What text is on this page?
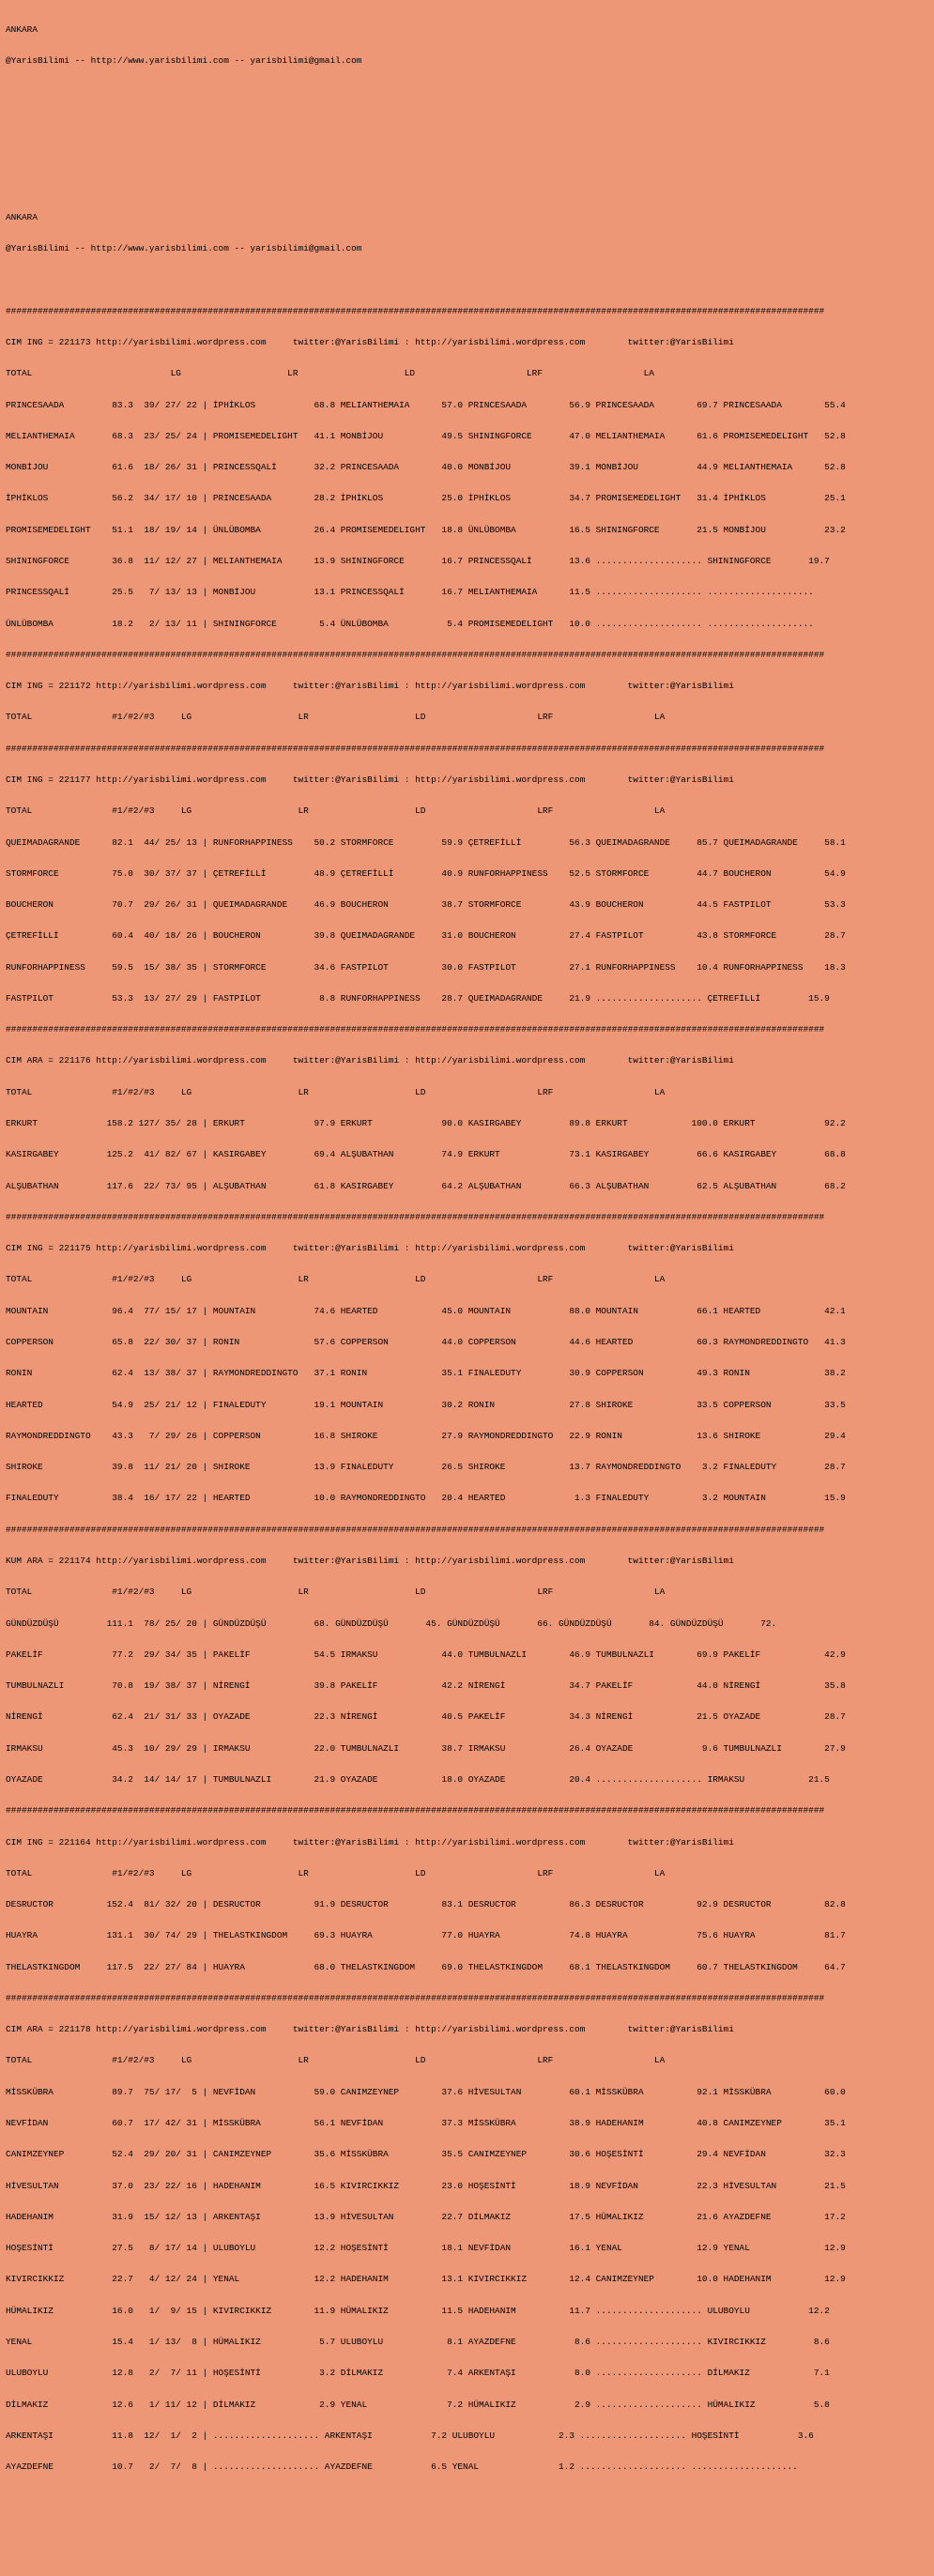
ANKARA

@YarisBilimi -- http://www.yarisbilimi.com -- yarisbilimi@gmail.com

ANKARA

@YarisBilimi -- http://www.yarisbilimi.com -- yarisbilimi@gmail.com

##########################################################################################################################################################

CIM ING = 221173 http://yarisbilimi.wordpress.com     twitter:@YarisBilimi : http://yarisbilimi.wordpress.com        twitter:@YarisBilimi

TOTAL                          LG                    LR                    LD                     LRF                   LA

PRINCESAADA         83.3  39/ 27/ 22 | İPHİKLOS           68.8 MELIANTHEMAIA      57.0 PRINCESAADA        56.9 PRINCESAADA        69.7 PRINCESAADA        55.4

MELIANTHEMAIA       68.3  23/ 25/ 24 | PROMISEMEDELIGHT   41.1 MONBİJOU           49.5 SHININGFORCE       47.0 MELIANTHEMAIA      61.6 PROMISEMEDELIGHT   52.8

MONBİJOU            61.6  18/ 26/ 31 | PRINCESSQALİ       32.2 PRINCESAADA        40.0 MONBİJOU           39.1 MONBİJOU           44.9 MELIANTHEMAIA      52.8

İPHİKLOS            56.2  34/ 17/ 10 | PRINCESAADA        28.2 İPHİKLOS           25.0 İPHİKLOS           34.7 PROMISEMEDELIGHT   31.4 İPHİKLOS           25.1

PROMISEMEDELIGHT    51.1  18/ 19/ 14 | ÜNLÜBOMBA          26.4 PROMISEMEDELIGHT   18.8 ÜNLÜBOMBA          16.5 SHININGFORCE       21.5 MONBİJOU           23.2

SHININGFORCE        36.8  11/ 12/ 27 | MELIANTHEMAIA      13.9 SHININGFORCE       16.7 PRINCESSQALİ       13.6 .................... SHININGFORCE       19.7

PRINCESSQALİ        25.5   7/ 13/ 13 | MONBİJOU           13.1 PRINCESSQALİ       16.7 MELIANTHEMAIA      11.5 .................... ....................

ÜNLÜBOMBA           18.2   2/ 13/ 11 | SHININGFORCE        5.4 ÜNLÜBOMBA           5.4 PROMISEMEDELIGHT   10.0 .................... ....................

##########################################################################################################################################################

CIM ING = 221172 http://yarisbilimi.wordpress.com     twitter:@YarisBilimi : http://yarisbilimi.wordpress.com        twitter:@YarisBilimi

TOTAL               #1/#2/#3     LG                    LR                    LD                     LRF                   LA

##########################################################################################################################################################

CIM ING = 221177 http://yarisbilimi.wordpress.com     twitter:@YarisBilimi : http://yarisbilimi.wordpress.com        twitter:@YarisBilimi

TOTAL               #1/#2/#3     LG                    LR                    LD                     LRF                   LA

QUEIMADAGRANDE      82.1  44/ 25/ 13 | RUNFORHAPPINESS    50.2 STORMFORCE         59.9 ÇETREFİLLİ         56.3 QUEIMADAGRANDE     85.7 QUEIMADAGRANDE     58.1

STORMFORCE          75.0  30/ 37/ 37 | ÇETREFİLLİ         48.9 ÇETREFİLLİ         40.9 RUNFORHAPPINESS    52.5 STORMFORCE         44.7 BOUCHERON          54.9

BOUCHERON           70.7  29/ 26/ 31 | QUEIMADAGRANDE     46.9 BOUCHERON          38.7 STORMFORCE         43.9 BOUCHERON          44.5 FASTPILOT          53.3

ÇETREFİLLİ          60.4  40/ 18/ 26 | BOUCHERON          39.8 QUEIMADAGRANDE     31.0 BOUCHERON          27.4 FASTPILOT          43.8 STORMFORCE         28.7

RUNFORHAPPINESS     59.5  15/ 38/ 35 | STORMFORCE         34.6 FASTPILOT          30.0 FASTPILOT          27.1 RUNFORHAPPINESS    10.4 RUNFORHAPPINESS    18.3

FASTPILOT           53.3  13/ 27/ 29 | FASTPILOT           8.8 RUNFORHAPPINESS    28.7 QUEIMADAGRANDE     21.9 .................... ÇETREFİLLİ         15.9

##########################################################################################################################################################

CIM ARA = 221176 http://yarisbilimi.wordpress.com     twitter:@YarisBilimi : http://yarisbilimi.wordpress.com        twitter:@YarisBilimi

TOTAL               #1/#2/#3     LG                    LR                    LD                     LRF                   LA

ERKURT             158.2 127/ 35/ 28 | ERKURT             97.9 ERKURT             90.0 KASIRGABEY         89.8 ERKURT            100.0 ERKURT             92.2

KASIRGABEY         125.2  41/ 82/ 67 | KASIRGABEY         69.4 ALŞUBATHAN         74.9 ERKURT             73.1 KASIRGABEY         66.6 KASIRGABEY         68.8

ALŞUBATHAN         117.6  22/ 73/ 95 | ALŞUBATHAN         61.8 KASIRGABEY         64.2 ALŞUBATHAN         66.3 ALŞUBATHAN         62.5 ALŞUBATHAN         68.2

##########################################################################################################################################################

CIM ING = 221175 http://yarisbilimi.wordpress.com     twitter:@YarisBilimi : http://yarisbilimi.wordpress.com        twitter:@YarisBilimi

TOTAL               #1/#2/#3     LG                    LR                    LD                     LRF                   LA

MOUNTAIN            96.4  77/ 15/ 17 | MOUNTAIN           74.6 HEARTED            45.0 MOUNTAIN           88.0 MOUNTAIN           66.1 HEARTED            42.1

COPPERSON           65.8  22/ 30/ 37 | RONIN              57.6 COPPERSON          44.0 COPPERSON          44.6 HEARTED            60.3 RAYMONDREDDINGTO   41.3

RONIN               62.4  13/ 38/ 37 | RAYMONDREDDINGTO   37.1 RONIN              35.1 FINALEDUTY         30.9 COPPERSON          49.3 RONIN              38.2

HEARTED             54.9  25/ 21/ 12 | FINALEDUTY         19.1 MOUNTAIN           30.2 RONIN              27.8 SHIROKE            33.5 COPPERSON          33.5

RAYMONDREDDINGTO    43.3   7/ 29/ 26 | COPPERSON          16.8 SHIROKE            27.9 RAYMONDREDDINGTO   22.9 RONIN              13.6 SHIROKE            29.4

SHIROKE             39.8  11/ 21/ 20 | SHIROKE            13.9 FINALEDUTY         26.5 SHIROKE            13.7 RAYMONDREDDINGTO    3.2 FINALEDUTY         28.7

FINALEDUTY          38.4  16/ 17/ 22 | HEARTED            10.0 RAYMONDREDDINGTO   20.4 HEARTED             1.3 FINALEDUTY          3.2 MOUNTAIN           15.9

##########################################################################################################################################################

KUM ARA = 221174 http://yarisbilimi.wordpress.com     twitter:@YarisBilimi : http://yarisbilimi.wordpress.com        twitter:@YarisBilimi

TOTAL               #1/#2/#3     LG                    LR                    LD                     LRF                   LA

GÜNDÜZDÜŞÜ         111.1  78/ 25/ 20 | GÜNDÜZDÜŞÜ         68. GÜNDÜZDÜŞÜ       45. GÜNDÜZDÜŞÜ       66. GÜNDÜZDÜŞÜ       84. GÜNDÜZDÜŞÜ       72.

PAKELİF             77.2  29/ 34/ 35 | PAKELİF            54.5 IRMAKSU            44.0 TUMBULNAZLI        46.9 TUMBULNAZLI        69.9 PAKELİF            42.9

TUMBULNAZLI         70.8  19/ 38/ 37 | NİRENGİ            39.8 PAKELİF            42.2 NİRENGİ            34.7 PAKELİF            44.0 NİRENGİ            35.8

NİRENGİ             62.4  21/ 31/ 33 | OYAZADE            22.3 NİRENGİ            40.5 PAKELİF            34.3 NİRENGİ            21.5 OYAZADE            28.7

IRMAKSU             45.3  10/ 29/ 29 | IRMAKSU            22.0 TUMBULNAZLI        38.7 IRMAKSU            26.4 OYAZADE             9.6 TUMBULNAZLI        27.9

OYAZADE             34.2  14/ 14/ 17 | TUMBULNAZLI        21.9 OYAZADE            18.0 OYAZADE            20.4 .................... IRMAKSU            21.5

##########################################################################################################################################################

CIM ING = 221164 http://yarisbilimi.wordpress.com     twitter:@YarisBilimi : http://yarisbilimi.wordpress.com        twitter:@YarisBilimi

TOTAL               #1/#2/#3     LG                    LR                    LD                     LRF                   LA

DESRUCTOR          152.4  81/ 32/ 20 | DESRUCTOR          91.9 DESRUCTOR          83.1 DESRUCTOR          86.3 DESRUCTOR          92.9 DESRUCTOR          82.8

HUAYRA             131.1  30/ 74/ 29 | THELASTKINGDOM     69.3 HUAYRA             77.0 HUAYRA             74.8 HUAYRA             75.6 HUAYRA             81.7

THELASTKINGDOM     117.5  22/ 27/ 84 | HUAYRA             68.0 THELASTKINGDOM     69.0 THELASTKINGDOM     68.1 THELASTKINGDOM     60.7 THELASTKINGDOM     64.7

##########################################################################################################################################################

CIM ARA = 221178 http://yarisbilimi.wordpress.com     twitter:@YarisBilimi : http://yarisbilimi.wordpress.com        twitter:@YarisBilimi

TOTAL               #1/#2/#3     LG                    LR                    LD                     LRF                   LA

MİSSKÜBRA           89.7  75/ 17/  5 | NEVFİDAN           59.0 CANIMZEYNEP        37.6 HİVESULTAN         60.1 MİSSKÜBRA          92.1 MİSSKÜBRA          60.0

NEVFİDAN            60.7  17/ 42/ 31 | MİSSKÜBRA          56.1 NEVFİDAN           37.3 MİSSKÜBRA          38.9 HADEHANIM          40.8 CANIMZEYNEP        35.1

CANIMZEYNEP         52.4  29/ 20/ 31 | CANIMZEYNEP        35.6 MİSSKÜBRA          35.5 CANIMZEYNEP        30.6 HOŞESİNTİ          29.4 NEVFİDAN           32.3

HİVESULTAN          37.0  23/ 22/ 16 | HADEHANIM          16.5 KIVIRCIKKIZ        23.0 HOŞESİNTİ          18.9 NEVFİDAN           22.3 HİVESULTAN         21.5

HADEHANIM           31.9  15/ 12/ 13 | ARKENTAŞI          13.9 HİVESULTAN         22.7 DİLMAKIZ           17.5 HÜMALIKIZ          21.6 AYAZDEFNE          17.2

HOŞESİNTİ           27.5   8/ 17/ 14 | ULUBOYLU           12.2 HOŞESİNTİ          18.1 NEVFİDAN           16.1 YENAL              12.9 YENAL              12.9

KIVIRCIKKIZ         22.7   4/ 12/ 24 | YENAL              12.2 HADEHANIM          13.1 KIVIRCIKKIZ        12.4 CANIMZEYNEP        10.0 HADEHANIM          12.9

HÜMALIKIZ           16.0   1/  9/ 15 | KIVIRCIKKIZ        11.9 HÜMALIKIZ          11.5 HADEHANIM          11.7 .................... ULUBOYLU           12.2

YENAL               15.4   1/ 13/  8 | HÜMALIKIZ           5.7 ULUBOYLU            8.1 AYAZDEFNE           8.6 .................... KIVIRCIKKIZ         8.6

ULUBOYLU            12.8   2/  7/ 11 | HOŞESİNTİ           3.2 DİLMAKIZ            7.4 ARKENTAŞI           8.0 .................... DİLMAKIZ            7.1

DİLMAKIZ            12.6   1/ 11/ 12 | DİLMAKIZ            2.9 YENAL               7.2 HÜMALIKIZ           2.9 .................... HÜMALIKIZ           5.8

ARKENTAŞI           11.8  12/  1/  2 | .................... ARKENTAŞI           7.2 ULUBOYLU            2.3 .................... HOŞESİNTİ           3.6

AYAZDEFNE           10.7   2/  7/  8 | .................... AYAZDEFNE           6.5 YENAL               1.2 .................... ....................
